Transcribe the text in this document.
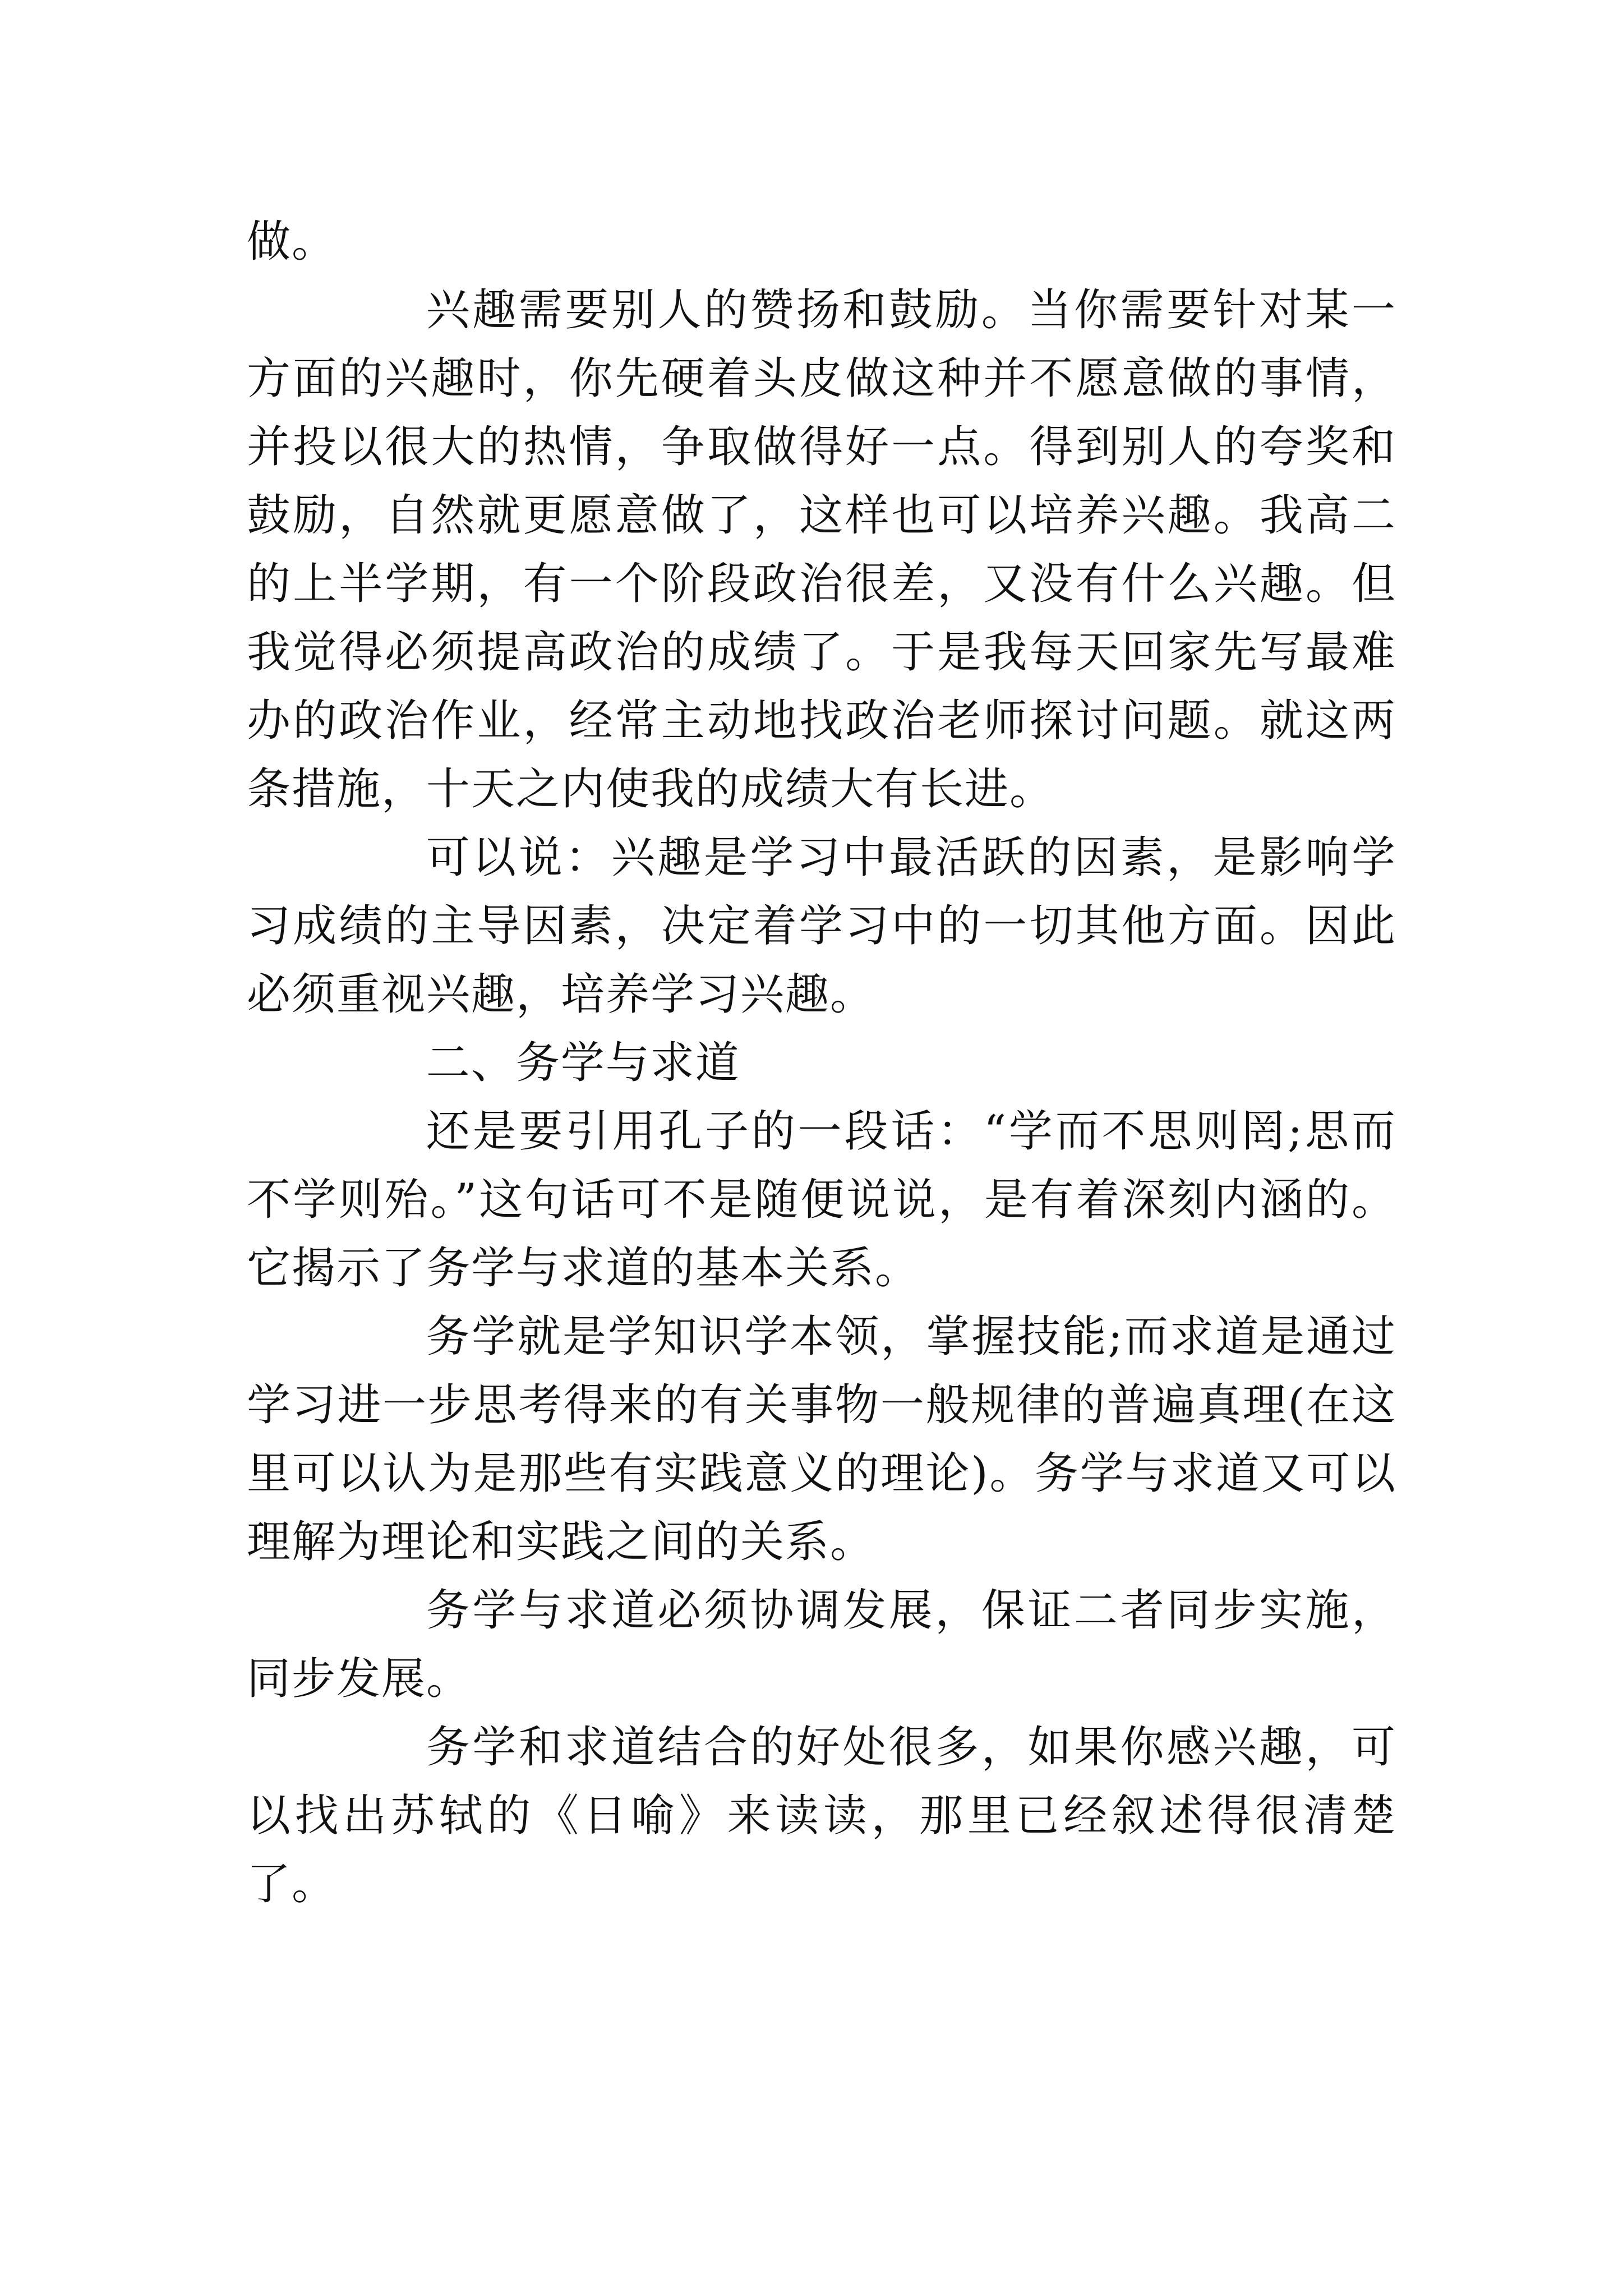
做。

兴趣需要别人的赞扬和鼓励。当你需要针对某一方面的兴趣时，你先硬着头皮做这种并不愿意做的事情，并投以很大的热情，争取做得好一点。得到别人的夸奖和鼓励，自然就更愿意做了，这样也可以培养兴趣。我高二的上半学期，有一个阶段政治很差，又没有什么兴趣。但我觉得必须提高政治的成绩了。于是我每天回家先写最难办的政治作业，经常主动地找政治老师探讨问题。就这两条措施，十天之内使我的成绩大有长进。

可以说：兴趣是学习中最活跃的因素，是影响学习成绩的主导因素，决定着学习中的一切其他方面。因此必须重视兴趣，培养学习兴趣。

二、务学与求道

还是要引用孔子的一段话：“学而不思则罔;思而不学则殆。”这句话可不是随便说说，是有着深刻内涵的。它揭示了务学与求道的基本关系。

务学就是学知识学本领，掌握技能;而求道是通过学习进一步思考得来的有关事物一般规律的普遍真理(在这里可以认为是那些有实践意义的理论)。务学与求道又可以理解为理论和实践之间的关系。

务学与求道必须协调发展，保证二者同步实施，同步发展。

务学和求道结合的好处很多，如果你感兴趣，可以找出苏轼的《日喻》来读读，那里已经叙述得很清楚了。
